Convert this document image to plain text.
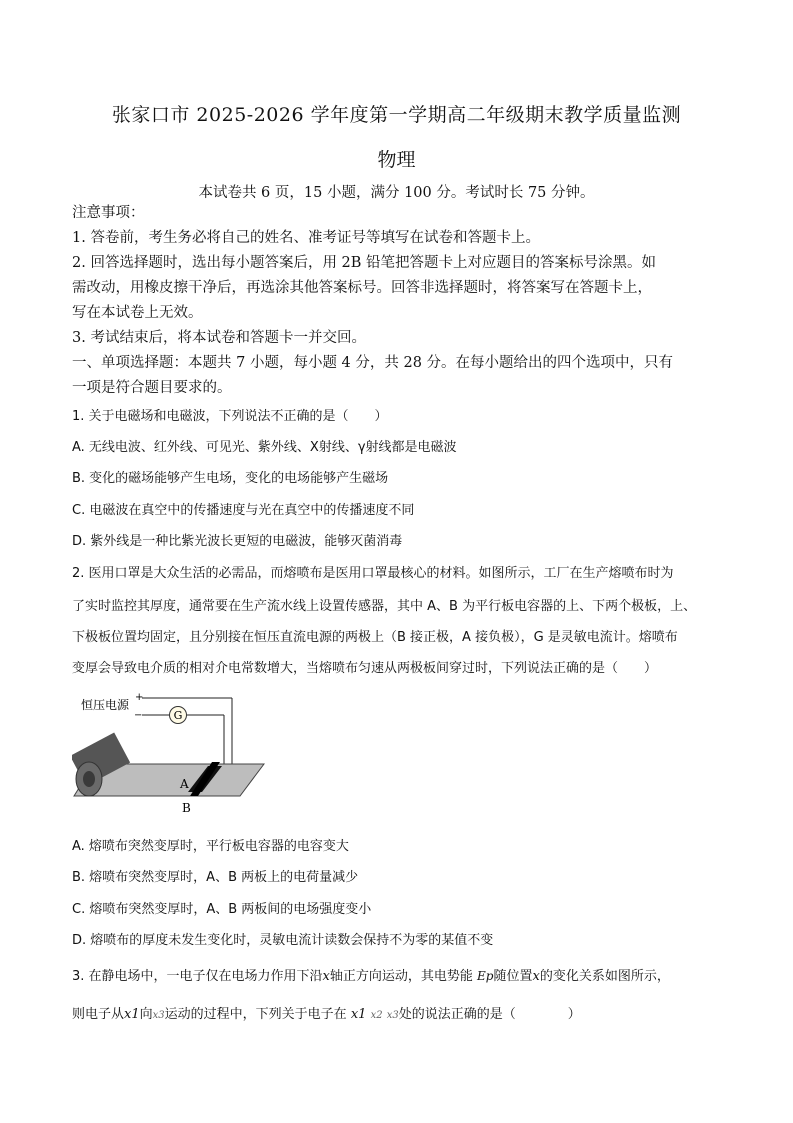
张家口市 2025-2026 学年度第一学期高二年级期末教学质量监测
物理
本试卷共 6 页，15 小题，满分 100 分。考试时长 75 分钟。
注意事项：
1. 答卷前，考生务必将自己的姓名、准考证号等填写在试卷和答题卡上。
2. 回答选择题时，选出每小题答案后，用 2B 铅笔把答题卡上对应题目的答案标号涂黑。如
需改动，用橡皮擦干净后，再选涂其他答案标号。回答非选择题时，将答案写在答题卡上，
写在本试卷上无效。
3. 考试结束后，将本试卷和答题卡一并交回。
一、单项选择题：本题共 7 小题，每小题 4 分，共 28 分。在每小题给出的四个选项中，只有
一项是符合题目要求的。
1. 关于电磁场和电磁波，下列说法不正确的是（　　）
A. 无线电波、红外线、可见光、紫外线、X射线、γ射线都是电磁波
B. 变化的磁场能够产生电场，变化的电场能够产生磁场
C. 电磁波在真空中的传播速度与光在真空中的传播速度不同
D. 紫外线是一种比紫光波长更短的电磁波，能够灭菌消毒
2. 医用口罩是大众生活的必需品，而熔喷布是医用口罩最核心的材料。如图所示，工厂在生产熔喷布时为
了实时监控其厚度，通常要在生产流水线上设置传感器，其中 A、B 为平行板电容器的上、下两个极板，上、
下极板位置均固定，且分别接在恒压直流电源的两极上（B 接正极，A 接负极），G 是灵敏电流计。熔喷布
变厚会导致电介质的相对介电常数增大，当熔喷布匀速从两极板间穿过时，下列说法正确的是（　　）
G
恒压电源
+
−
A
B
A. 熔喷布突然变厚时，平行板电容器的电容变大
B. 熔喷布突然变厚时，A、B 两板上的电荷量减少
C. 熔喷布突然变厚时，A、B 两板间的电场强度变小
D. 熔喷布的厚度未发生变化时，灵敏电流计读数会保持不为零的某值不变
3. 在静电场中，一电子仅在电场力作用下沿x轴正方向运动，其电势能 Ep随位置x的变化关系如图所示，
则电子从x1向x3运动的过程中，下列关于电子在 x1 x2 x3处的说法正确的是（　　　　）
